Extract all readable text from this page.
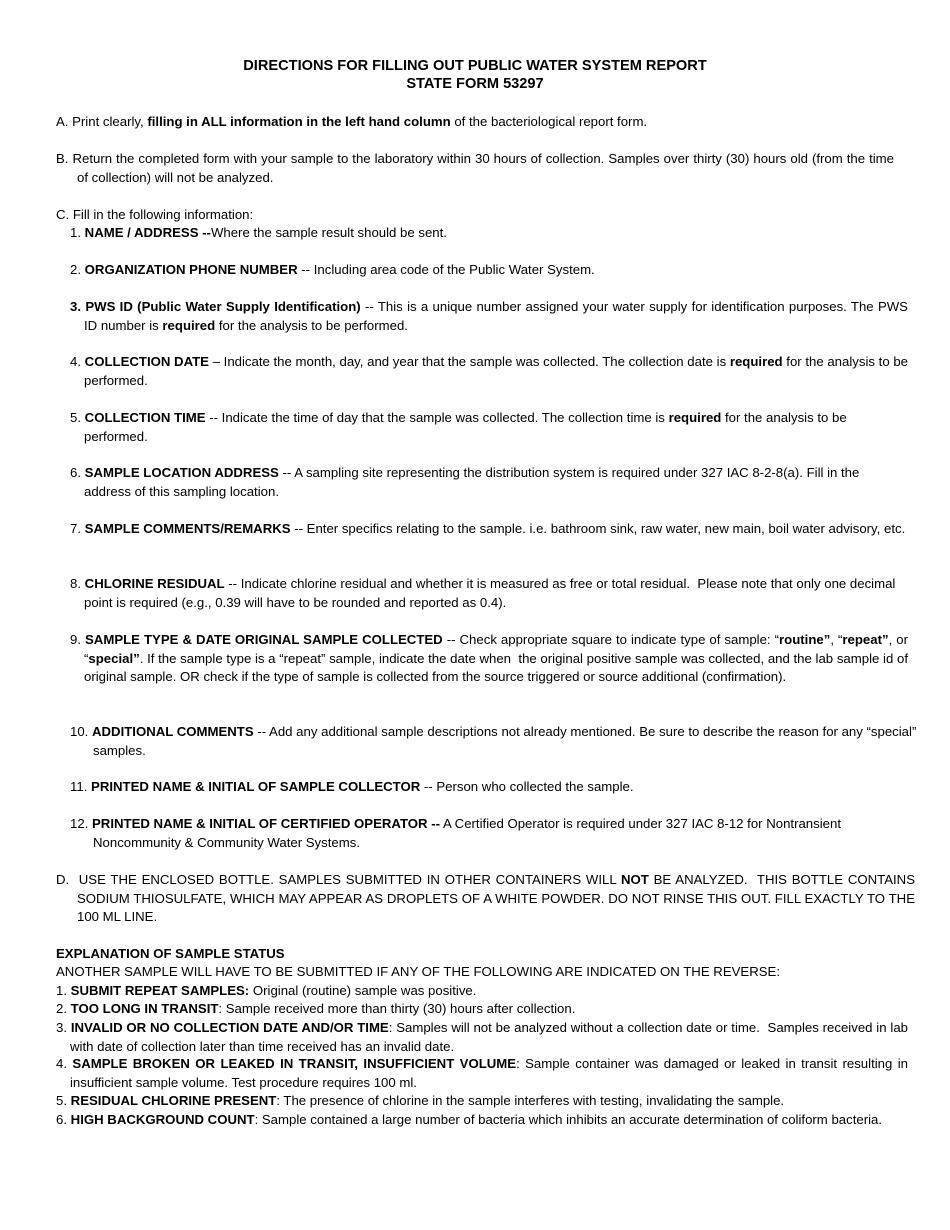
DIRECTIONS FOR FILLING OUT PUBLIC WATER SYSTEM REPORT
STATE FORM 53297
A. Print clearly, filling in ALL information in the left hand column of the bacteriological report form.
B. Return the completed form with your sample to the laboratory within 30 hours of collection. Samples over thirty (30) hours old (from the time of collection) will not be analyzed.
C. Fill in the following information:
1. NAME / ADDRESS --Where the sample result should be sent.
2. ORGANIZATION PHONE NUMBER -- Including area code of the Public Water System.
3. PWS ID (Public Water Supply Identification) -- This is a unique number assigned your water supply for identification purposes. The PWS ID number is required for the analysis to be performed.
4. COLLECTION DATE – Indicate the month, day, and year that the sample was collected. The collection date is required for the analysis to be performed.
5. COLLECTION TIME -- Indicate the time of day that the sample was collected. The collection time is required for the analysis to be performed.
6. SAMPLE LOCATION ADDRESS -- A sampling site representing the distribution system is required under 327 IAC 8-2-8(a). Fill in the address of this sampling location.
7. SAMPLE COMMENTS/REMARKS -- Enter specifics relating to the sample. i.e. bathroom sink, raw water, new main, boil water advisory, etc.
8. CHLORINE RESIDUAL -- Indicate chlorine residual and whether it is measured as free or total residual.  Please note that only one decimal point is required (e.g., 0.39 will have to be rounded and reported as 0.4).
9. SAMPLE TYPE & DATE ORIGINAL SAMPLE COLLECTED -- Check appropriate square to indicate type of sample: “routine”, “repeat”, or “special”. If the sample type is a “repeat” sample, indicate the date when  the original positive sample was collected, and the lab sample id of original sample. OR check if the type of sample is collected from the source triggered or source additional (confirmation).
10. ADDITIONAL COMMENTS -- Add any additional sample descriptions not already mentioned. Be sure to describe the reason for any “special” samples.
11. PRINTED NAME & INITIAL OF SAMPLE COLLECTOR -- Person who collected the sample.
12. PRINTED NAME & INITIAL OF CERTIFIED OPERATOR -- A Certified Operator is required under 327 IAC 8-12 for Nontransient Noncommunity & Community Water Systems.
D.  USE THE ENCLOSED BOTTLE. SAMPLES SUBMITTED IN OTHER CONTAINERS WILL NOT BE ANALYZED.  THIS BOTTLE CONTAINS SODIUM THIOSULFATE, WHICH MAY APPEAR AS DROPLETS OF A WHITE POWDER. DO NOT RINSE THIS OUT. FILL EXACTLY TO THE 100 ML LINE.
EXPLANATION OF SAMPLE STATUS
ANOTHER SAMPLE WILL HAVE TO BE SUBMITTED IF ANY OF THE FOLLOWING ARE INDICATED ON THE REVERSE:
1. SUBMIT REPEAT SAMPLES: Original (routine) sample was positive.
2. TOO LONG IN TRANSIT: Sample received more than thirty (30) hours after collection.
3. INVALID OR NO COLLECTION DATE AND/OR TIME: Samples will not be analyzed without a collection date or time.  Samples received in lab with date of collection later than time received has an invalid date.
4. SAMPLE BROKEN OR LEAKED IN TRANSIT, INSUFFICIENT VOLUME: Sample container was damaged or leaked in transit resulting in insufficient sample volume. Test procedure requires 100 ml.
5. RESIDUAL CHLORINE PRESENT: The presence of chlorine in the sample interferes with testing, invalidating the sample.
6. HIGH BACKGROUND COUNT: Sample contained a large number of bacteria which inhibits an accurate determination of coliform bacteria.
